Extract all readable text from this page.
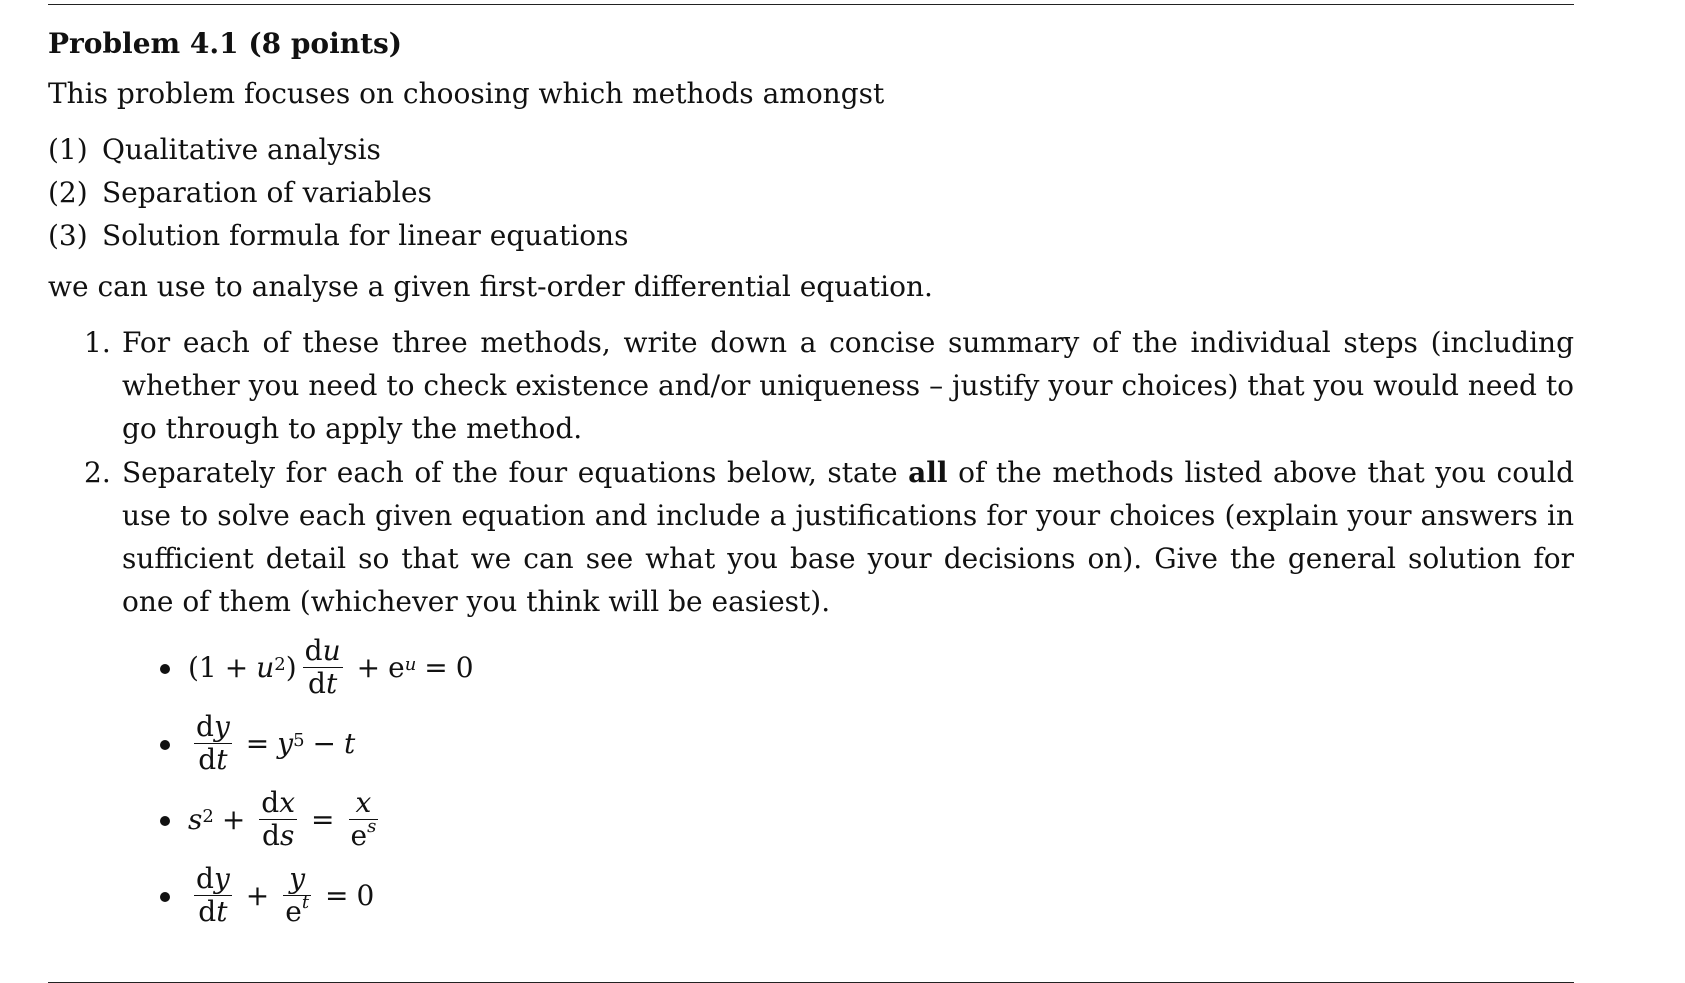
Problem 4.1 (8 points)

This problem focuses on choosing which methods amongst

(1) Qualitative analysis
(2) Separation of variables
(3) Solution formula for linear equations

we can use to analyse a given first-order differential equation.

1. For each of these three methods, write down a concise summary of the individual steps (including whether you need to check existence and/or uniqueness – justify your choices) that you would need to go through to apply the method.
2. Separately for each of the four equations below, state all of the methods listed above that you could use to solve each given equation and include a justifications for your choices (explain your answers in sufficient detail so that we can see what you base your decisions on). Give the general solution for one of them (whichever you think will be easiest).
($1 + u^2$ ) $\frac{du}{dt} + e^u = 0$
$\frac{dy}{dt} = y^5 - t$
$s^2 + \frac{dx}{ds} = \frac{x}{e^s}$
$\frac{dy}{dt} + \frac{y}{e^t} = 0$
